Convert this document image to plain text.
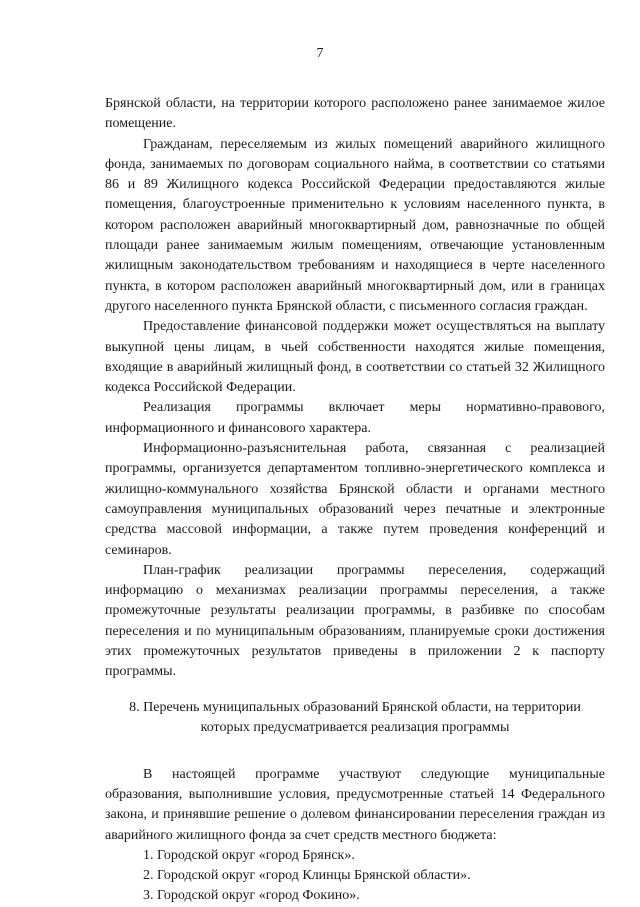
7

Брянской области, на территории которого расположено ранее занимаемое жилое помещение.

Гражданам, переселяемым из жилых помещений аварийного жилищного фонда, занимаемых по договорам социального найма, в соответствии со статьями 86 и 89 Жилищного кодекса Российской Федерации предоставляются жилые помещения, благоустроенные применительно к условиям населенного пункта, в котором расположен аварийный многоквартирный дом, равнозначные по общей площади ранее занимаемым жилым помещениям, отвечающие установленным жилищным законодательством требованиям и находящиеся в черте населенного пункта, в котором расположен аварийный многоквартирный дом, или в границах другого населенного пункта Брянской области, с письменного согласия граждан.

Предоставление финансовой поддержки может осуществляться на выплату выкупной цены лицам, в чьей собственности находятся жилые помещения, входящие в аварийный жилищный фонд, в соответствии со статьей 32 Жилищного кодекса Российской Федерации.

Реализация программы включает меры нормативно-правового, информационного и финансового характера.

Информационно-разъяснительная работа, связанная с реализацией программы, организуется департаментом топливно-энергетического комплекса и жилищно-коммунального хозяйства Брянской области и органами местного самоуправления муниципальных образований через печатные и электронные средства массовой информации, а также путем проведения конференций и семинаров.

План-график реализации программы переселения, содержащий информацию о механизмах реализации программы переселения, а также промежуточные результаты реализации программы, в разбивке по способам переселения и по муниципальным образованиям, планируемые сроки достижения этих промежуточных результатов приведены в приложении 2 к паспорту программы.

8. Перечень муниципальных образований Брянской области, на территории
которых предусматривается реализация программы

В настоящей программе участвуют следующие муниципальные образования, выполнившие условия, предусмотренные статьей 14 Федерального закона, и принявшие решение о долевом финансировании переселения граждан из аварийного жилищного фонда за счет средств местного бюджета:

1. Городской округ «город Брянск».
2. Городской округ «город Клинцы Брянской области».
3. Городской округ «город Фокино».
